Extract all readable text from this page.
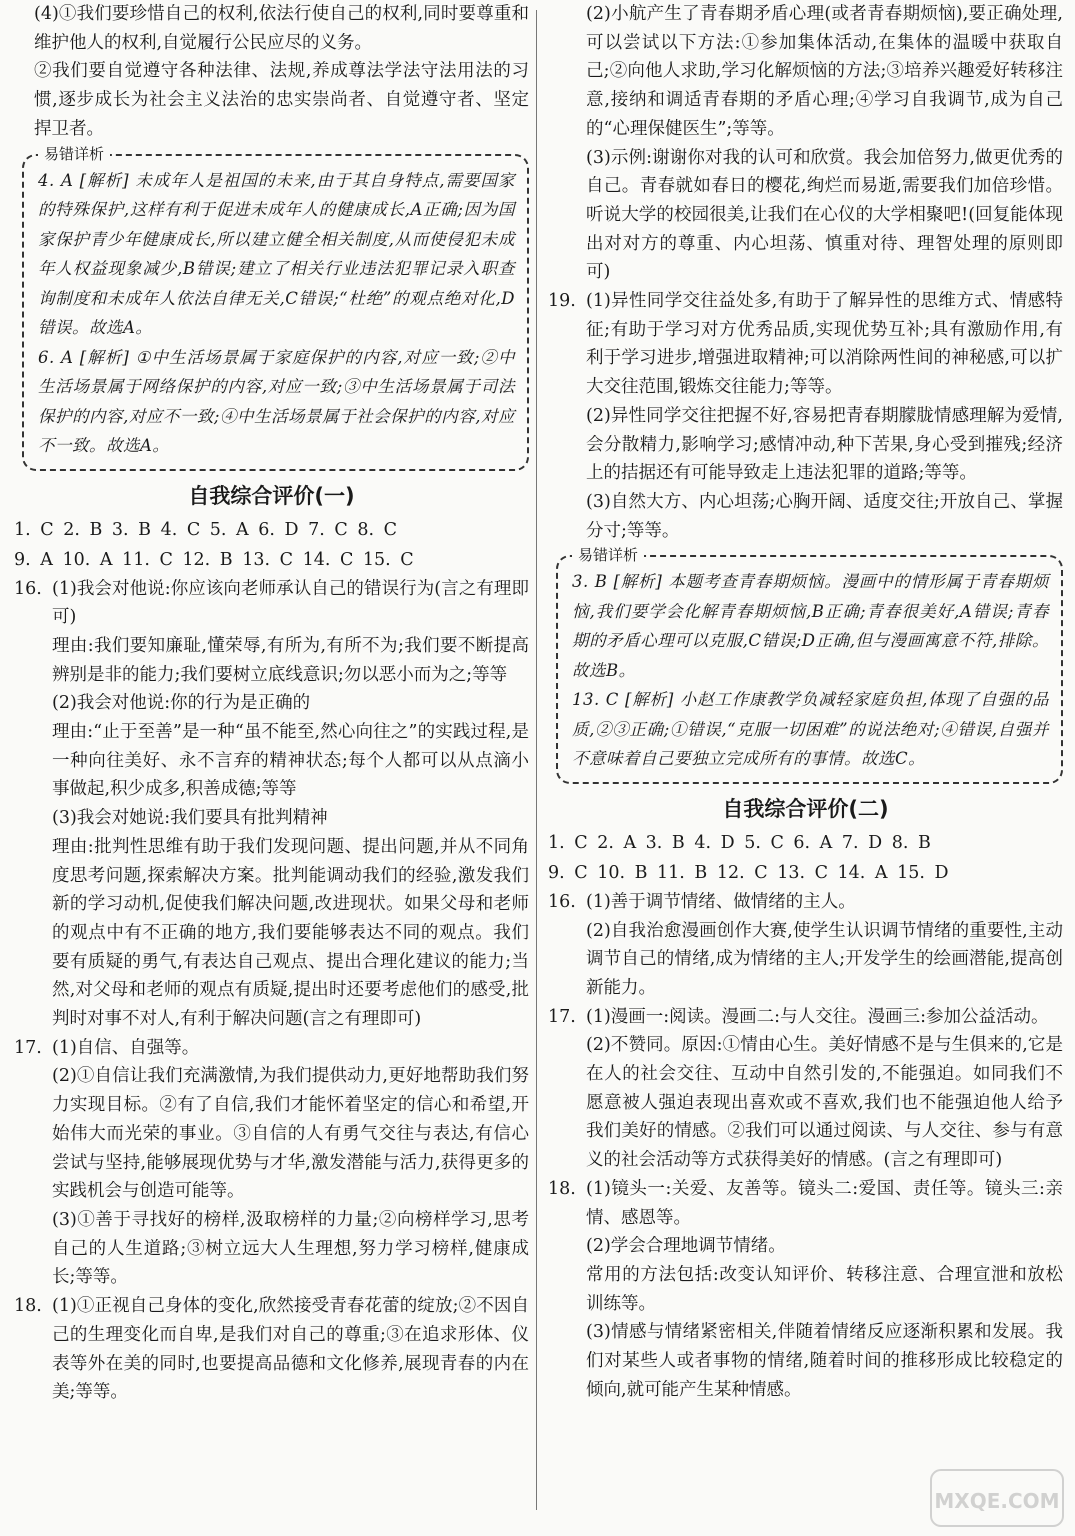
(4)①我们要珍惜自己的权利,依法行使自己的权利,同时要尊重和维护他人的权利,自觉履行公民应尽的义务。

②我们要自觉遵守各种法律、法规,养成尊法学法守法用法的习惯,逐步成长为社会主义法治的忠实崇尚者、自觉遵守者、坚定捍卫者。

易错详析

4. A [解析] 未成年人是祖国的未来,由于其自身特点,需要国家的特殊保护,这样有利于促进未成年人的健康成长,A正确;因为国家保护青少年健康成长,所以建立健全相关制度,从而使侵犯未成年人权益现象减少,B错误;建立了相关行业违法犯罪记录入职查询制度和未成年人依法自律无关,C错误;“杜绝”的观点绝对化,D错误。故选A。

6. A [解析] ①中生活场景属于家庭保护的内容,对应一致;②中生活场景属于网络保护的内容,对应一致;③中生活场景属于司法保护的内容,对应不一致;④中生活场景属于社会保护的内容,对应不一致。故选A。

自我综合评价(一)

1. C 2. B 3. B 4. C 5. A 6. D 7. C 8. C

9. A 10. A 11. C 12. B 13. C 14. C 15. C

16. (1)我会对他说:你应该向老师承认自己的错误行为(言之有理即可)

理由:我们要知廉耻,懂荣辱,有所为,有所不为;我们要不断提高辨别是非的能力;我们要树立底线意识;勿以恶小而为之;等等

(2)我会对他说:你的行为是正确的

理由:“止于至善”是一种“虽不能至,然心向往之”的实践过程,是一种向往美好、永不言弃的精神状态;每个人都可以从点滴小事做起,积少成多,积善成德;等等

(3)我会对她说:我们要具有批判精神

理由:批判性思维有助于我们发现问题、提出问题,并从不同角度思考问题,探索解决方案。批判能调动我们的经验,激发我们新的学习动机,促使我们解决问题,改进现状。如果父母和老师的观点中有不正确的地方,我们要能够表达不同的观点。我们要有质疑的勇气,有表达自己观点、提出合理化建议的能力;当然,对父母和老师的观点有质疑,提出时还要考虑他们的感受,批判时对事不对人,有利于解决问题(言之有理即可)

17. (1)自信、自强等。

(2)①自信让我们充满激情,为我们提供动力,更好地帮助我们努力实现目标。②有了自信,我们才能怀着坚定的信心和希望,开始伟大而光荣的事业。③自信的人有勇气交往与表达,有信心尝试与坚持,能够展现优势与才华,激发潜能与活力,获得更多的实践机会与创造可能等。

(3)①善于寻找好的榜样,汲取榜样的力量;②向榜样学习,思考自己的人生道路;③树立远大人生理想,努力学习榜样,健康成长;等等。

18. (1)①正视自己身体的变化,欣然接受青春花蕾的绽放;②不因自己的生理变化而自卑,是我们对自己的尊重;③在追求形体、仪表等外在美的同时,也要提高品德和文化修养,展现青春的内在美;等等。

(2)小航产生了青春期矛盾心理(或者青春期烦恼),要正确处理,可以尝试以下方法:①参加集体活动,在集体的温暖中获取自己;②向他人求助,学习化解烦恼的方法;③培养兴趣爱好转移注意,接纳和调适青春期的矛盾心理;④学习自我调节,成为自己的“心理保健医生”;等等。

(3)示例:谢谢你对我的认可和欣赏。我会加倍努力,做更优秀的自己。青春就如春日的樱花,绚烂而易逝,需要我们加倍珍惜。听说大学的校园很美,让我们在心仪的大学相聚吧!(回复能体现出对对方的尊重、内心坦荡、慎重对待、理智处理的原则即可)

19. (1)异性同学交往益处多,有助于了解异性的思维方式、情感特征;有助于学习对方优秀品质,实现优势互补;具有激励作用,有利于学习进步,增强进取精神;可以消除两性间的神秘感,可以扩大交往范围,锻炼交往能力;等等。

(2)异性同学交往把握不好,容易把青春期朦胧情感理解为爱情,会分散精力,影响学习;感情冲动,种下苦果,身心受到摧残;经济上的拮据还有可能导致走上违法犯罪的道路;等等。

(3)自然大方、内心坦荡;心胸开阔、适度交往;开放自己、掌握分寸;等等。

易错详析

3. B [解析] 本题考查青春期烦恼。漫画中的情形属于青春期烦恼,我们要学会化解青春期烦恼,B正确;青春很美好,A错误;青春期的矛盾心理可以克服,C错误;D正确,但与漫画寓意不符,排除。故选B。

13. C [解析] 小赵工作康教学负减轻家庭负担,体现了自强的品质,②③正确;①错误,“克服一切困难”的说法绝对;④错误,自强并不意味着自己要独立完成所有的事情。故选C。

自我综合评价(二)

1. C 2. A 3. B 4. D 5. C 6. A 7. D 8. B

9. C 10. B 11. B 12. C 13. C 14. A 15. D

16. (1)善于调节情绪、做情绪的主人。

(2)自我治愈漫画创作大赛,使学生认识调节情绪的重要性,主动调节自己的情绪,成为情绪的主人;开发学生的绘画潜能,提高创新能力。

17. (1)漫画一:阅读。漫画二:与人交往。漫画三:参加公益活动。

(2)不赞同。原因:①情由心生。美好情感不是与生俱来的,它是在人的社会交往、互动中自然引发的,不能强迫。如同我们不愿意被人强迫表现出喜欢或不喜欢,我们也不能强迫他人给予我们美好的情感。②我们可以通过阅读、与人交往、参与有意义的社会活动等方式获得美好的情感。(言之有理即可)

18. (1)镜头一:关爱、友善等。镜头二:爱国、责任等。镜头三:亲情、感恩等。

(2)学会合理地调节情绪。

常用的方法包括:改变认知评价、转移注意、合理宣泄和放松训练等。

(3)情感与情绪紧密相关,伴随着情绪反应逐渐积累和发展。我们对某些人或者事物的情绪,随着时间的推移形成比较稳定的倾向,就可能产生某种情感。

MXQE.COM
